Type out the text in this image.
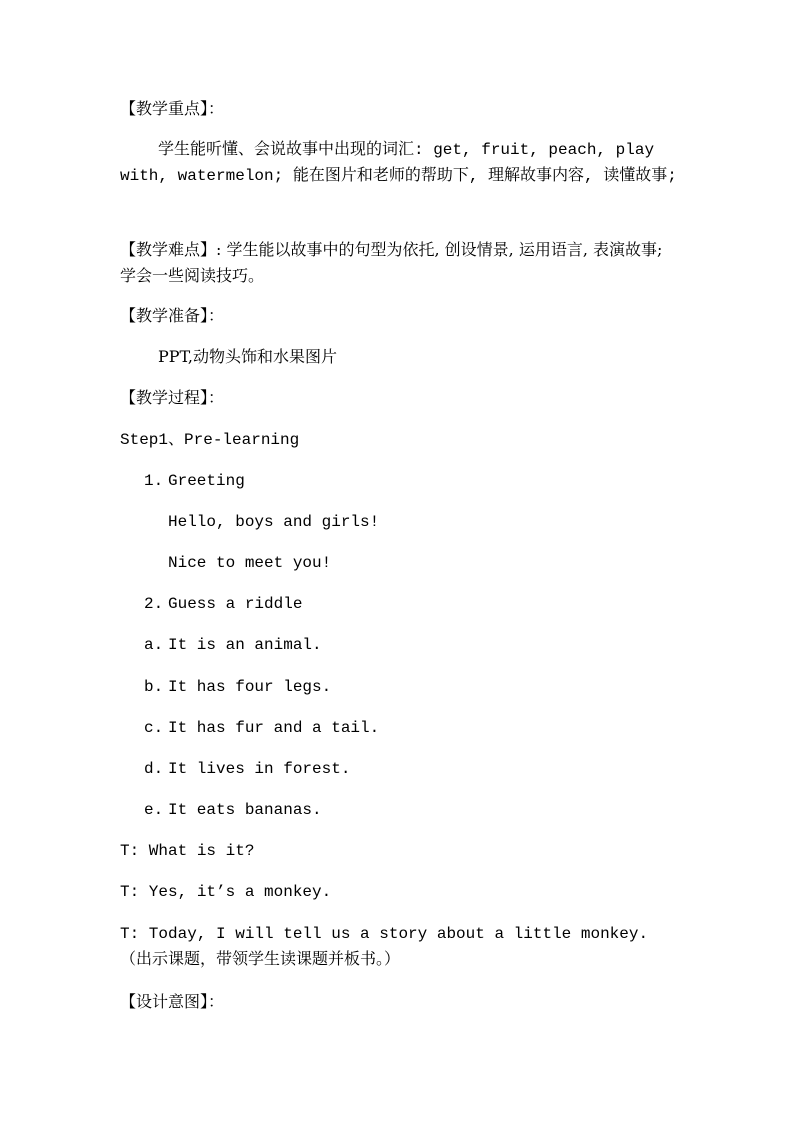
【教学重点】：
学生能听懂、会说故事中出现的词汇: get, fruit, peach, play with, watermelon; 能在图片和老师的帮助下, 理解故事内容, 读懂故事;
【教学难点】: 学生能以故事中的句型为依托, 创设情景, 运用语言, 表演故事; 学会一些阅读技巧。
【教学准备】：
PPT,动物头饰和水果图片
【教学过程】：
Step1、Pre-learning
1. Greeting
Hello, boys and girls!
Nice to meet you!
2. Guess a riddle
a. It is an animal.
b. It has four legs.
c. It has fur and a tail.
d. It lives in forest.
e. It eats bananas.
T: What is it?
T: Yes, it’s a monkey.
T: Today, I will tell us a story about a little monkey. （出示课题，带领学生读课题并板书。）
【设计意图】：
